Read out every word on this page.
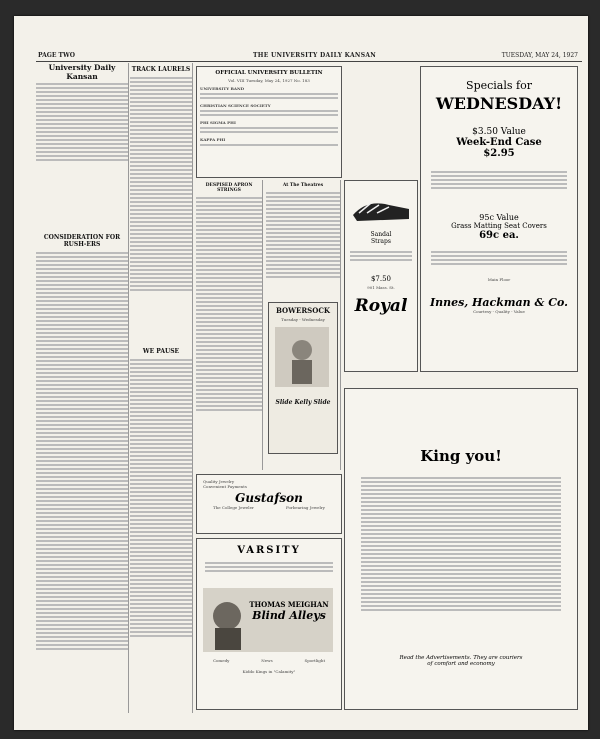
PAGE TWO	THE UNIVERSITY DAILY KANSAN	TUESDAY, MAY 24, 1927
University Daily Kansan
CONSIDERATION FOR RUSH-ERS
TRACK LAURELS
WE PAUSE
OFFICIAL UNIVERSITY BULLETIN
Vol. VIII Tuesday, May 24, 1927 No. 183
UNIVERSITY BAND
CHRISTIAN SCIENCE SOCIETY
PHI SIGMA PHI
KAPPA PHI
DESPISED APRON STRINGS
At The Theatres
BOWERSOCK
Tuesday - Wednesday
Slide Kelly Slide
Specials for
WEDNESDAY!
$3.50 Value
Week-End Case
$2.95
95c Value
Grass Matting Seat Covers
69c ea.
Main Floor
Innes, Hackman & Co.
Courtesy - Quality - Value
Sandal
Straps
$7.50
901 Mass. St.
Royal
Quality Jewelry
Convenient Payments
Gustafson
The College Jeweler	Forbearing Jewelry
VARSITY
THOMAS MEIGHAN
Blind Alleys
Comedy	News	Sportlight
Kiddo Kings in "Calamity"
King you!
Read the Advertisements. They are couriers
of comfort and economy
